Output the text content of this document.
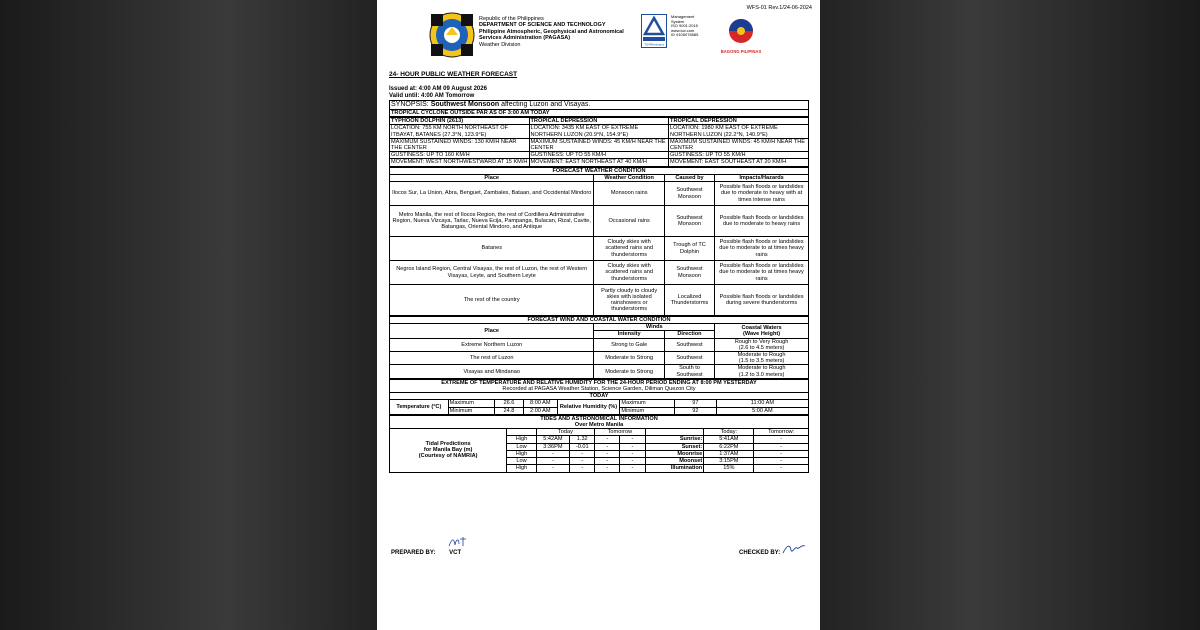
WFS-01 Rev.1/24-06-2024
Republic of the Philippines
DEPARTMENT OF SCIENCE AND TECHNOLOGY
Philippine Atmospheric, Geophysical and Astronomical
Services Administration (PAGASA)
Weather Division	TÜVRheinland
Management
System
ISO 9001:2015
www.tuv.com
ID 9105076585
BAGONG PILIPINAS
24- HOUR PUBLIC WEATHER FORECAST
Issued at: 4:00 AM 09 August 2026
Valid until: 4:00 AM Tomorrow
SYNOPSIS: Southwest Monsoon affecting Luzon and Visayas.
TROPICAL CYCLONE OUTSIDE PAR AS OF 3:00 AM TODAY
TYPHOON DOLPHIN (2613)	TROPICAL DEPRESSION	TROPICAL DEPRESSION
LOCATION: 755 KM NORTH NORTHEAST OF ITBAYAT, BATANES (27.3°N, 123.9°E)	LOCATION: 3435 KM EAST OF EXTREME NORTHERN LUZON (20.9°N, 154.9°E)	LOCATION: 1980 KM EAST OF EXTREME NORTHERN LUZON (22.2°N, 140.9°E)
MAXIMUM SUSTAINED WINDS: 130 KM/H NEAR THE CENTER	MAXIMUM SUSTAINED WINDS: 45 KM/H NEAR THE CENTER	MAXIMUM SUSTAINED WINDS: 45 KM/H NEAR THE CENTER
GUSTINESS: UP TO 160 KM/H	GUSTINESS: UP TO 55 KM/H	GUSTINESS: UP TO 55 KM/H
MOVEMENT: WEST NORTHWESTWARD AT 15 KM/H	MOVEMENT: EAST NORTHEAST AT 40 KM/H	MOVEMENT: EAST SOUTHEAST AT 20 KM/H
FORECAST WEATHER CONDITION			
Place	Weather Condition	Caused by	Impacts/Hazards
Ilocos Sur, La Union, Abra, Benguet, Zambales, Bataan, and Occidental Mindoro	Monsoon rains	Southwest Monsoon	Possible flash floods or landslides due to moderate to heavy with at times intense rains
Metro Manila, the rest of Ilocos Region, the rest of Cordillera Administrative Region, Nueva Vizcaya, Tarlac, Nueva Ecija, Pampanga, Bulacan, Rizal, Cavite, Batangas, Oriental Mindoro, and Antique	Occasional rains	Southwest Monsoon	Possible flash floods or landslides due to moderate to heavy rains
Batanes	Cloudy skies with scattered rains and thunderstorms	Trough of TC Dolphin	Possible flash floods or landslides due to moderate to at times heavy rains
Negros Island Region, Central Visayas, the rest of Luzon, the rest of Western Visayas, Leyte, and Southern Leyte	Cloudy skies with scattered rains and thunderstorms	Southwest Monsoon	Possible flash floods or landslides due to moderate to at times heavy rains
The rest of the country	Partly cloudy to cloudy skies with isolated rainshowers or thunderstorms	Localized Thunderstorms	Possible flash floods or landslides during severe thunderstorms
FORECAST WIND AND COASTAL WATER CONDITION			
Place	Winds		Coastal Waters
(Wave Height)

	Intensity	Direction	
Extreme Northern Luzon	Strong to Gale	Southwest	Rough to Very Rough
(2.6 to 4.5 meters)

The rest of Luzon	Moderate to Strong	Southwest	Moderate to Rough
(1.5 to 3.5 meters)

Visayas and Mindanao	Moderate to Strong	South to Southwest	Moderate to Rough
(1.2 to 3.0 meters)
EXTREME OF TEMPERATURE AND RELATIVE HUMIDITY FOR THE 24-HOUR PERIOD ENDING AT 8:00 PM YESTERDAY
Recorded at PAGASA Weather Station, Science Garden, Diliman Quezon City							
TODAY							
Temperature (°C)	Maximum	26.6	8:00 AM	Relative Humidity (%)	Maximum	97	11:00 AM
	Minimum	24.8	2:00 AM		Minimum	92	5:00 AM
TIDES AND ASTRONOMICAL INFORMATION
Over Metro Manila								

Tidal Predictions
for Manila Bay (m)
(Courtesy of NAMRIA)		Today		Tomorrow			Today:	Tomorrow:
	High	5:42AM	1.32	-	-	Sunrise:	5:41AM	-
	Low	3:36PM	-0.01	-	-	Sunset:	6:22PM	-
	High	-	-	-	-	Moonrise	1:37AM	-
	Low	-	-	-	-	Moonset	3:15PM	-
	High	-	-	-	-	Illumination	15%	-
PREPARED BY: VCT	CHECKED BY:
